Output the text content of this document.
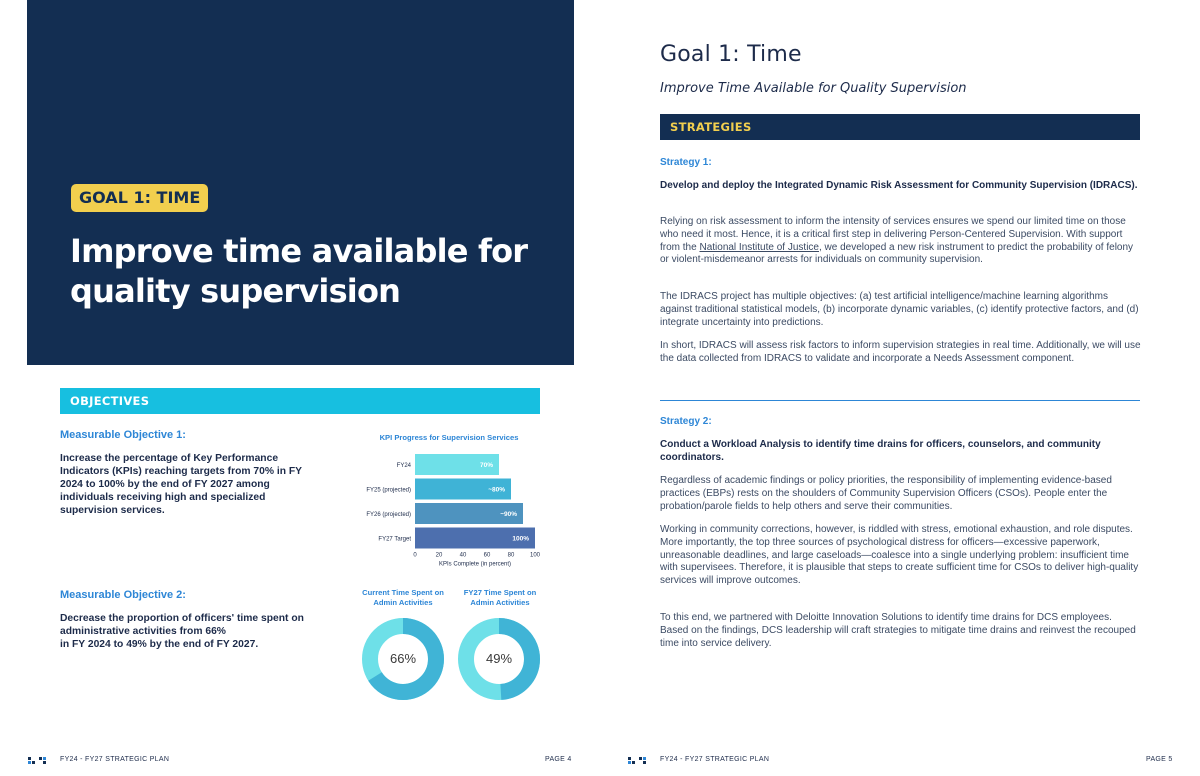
GOAL 1: TIME
Improve time available for quality supervision
OBJECTIVES
Measurable Objective 1:
Increase the percentage of Key Performance Indicators (KPIs) reaching targets from 70% in FY 2024 to 100% by the end of FY 2027 among individuals receiving high and specialized supervision services.
KPI Progress for Supervision Services
FY24	70%
FY25 (projected)	~80%
FY26 (projected)	~90%
FY27 Target	100%
0	20	40	60	80	100
KPIs Complete (in percent)
Measurable Objective 2:
Decrease the proportion of officers' time spent on administrative activities from 66%
in FY 2024 to 49% by the end of FY 2027.
Current Time Spent on Admin Activities
FY27 Time Spent on Admin Activities
66%	49%
FY24 - FY27 STRATEGIC PLAN	PAGE 4
Goal 1: Time
Improve Time Available for Quality Supervision
STRATEGIES
Strategy 1:
Develop and deploy the Integrated Dynamic Risk Assessment for Community Supervision (IDRACS).
Relying on risk assessment to inform the intensity of services ensures we spend our limited time on those who need it most. Hence, it is a critical first step in delivering Person-Centered Supervision. With support from the National Institute of Justice, we developed a new risk instrument to predict the probability of felony or violent-misdemeanor arrests for individuals on community supervision.
The IDRACS project has multiple objectives: (a) test artificial intelligence/machine learning algorithms against traditional statistical models, (b) incorporate dynamic variables, (c) identify protective factors, and (d) integrate uncertainty into predictions.
In short, IDRACS will assess risk factors to inform supervision strategies in real time. Additionally, we will use the data collected from IDRACS to validate and incorporate a Needs Assessment component.
Strategy 2:
Conduct a Workload Analysis to identify time drains for officers, counselors, and community coordinators.
Regardless of academic findings or policy priorities, the responsibility of implementing evidence-based practices (EBPs) rests on the shoulders of Community Supervision Officers (CSOs). People enter the probation/parole fields to help others and serve their communities.
Working in community corrections, however, is riddled with stress, emotional exhaustion, and role disputes. More importantly, the top three sources of psychological distress for officers—excessive paperwork, unreasonable deadlines, and large caseloads—coalesce into a single underlying problem: insufficient time with supervisees. Therefore, it is plausible that steps to create sufficient time for CSOs to deliver high-quality services will improve outcomes.
To this end, we partnered with Deloitte Innovation Solutions to identify time drains for DCS employees. Based on the findings, DCS leadership will craft strategies to mitigate time drains and reinvest the recouped time into service delivery.
FY24 - FY27 STRATEGIC PLAN	PAGE 5
